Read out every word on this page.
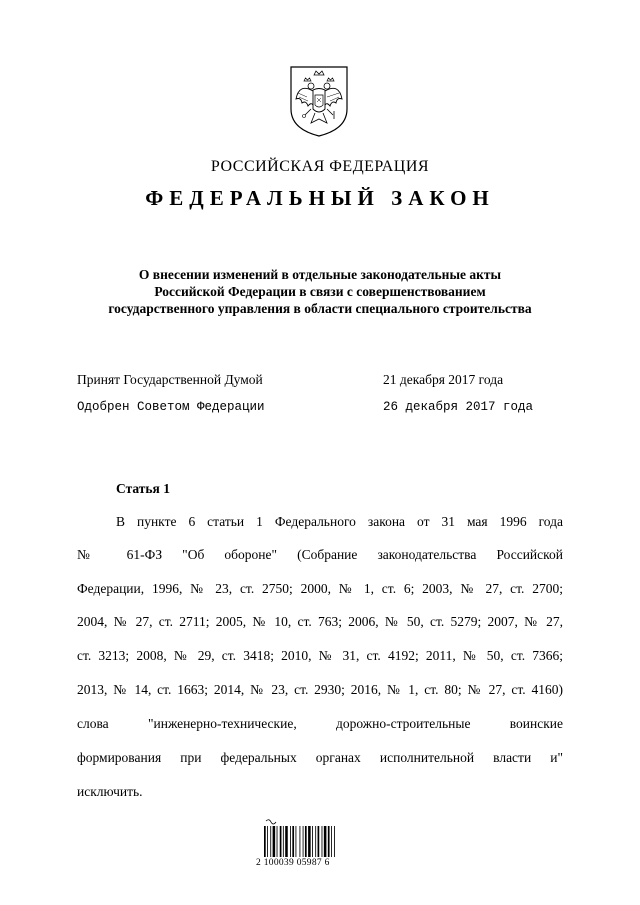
РОССИЙСКАЯ ФЕДЕРАЦИЯ
ФЕДЕРАЛЬНЫЙ ЗАКОН
О внесении изменений в отдельные законодательные акты
Российской Федерации в связи с совершенствованием
государственного управления в области специального строительства
Принят Государственной Думой	21 декабря 2017 года
Одобрен Советом Федерации	26 декабря 2017 года
Статья 1
В пункте 6 статьи 1 Федерального закона от 31 мая 1996 года
№ 61-ФЗ "Об обороне" (Собрание законодательства Российской
Федерации, 1996, № 23, ст. 2750; 2000, № 1, ст. 6; 2003, № 27, ст. 2700;
2004, № 27, ст. 2711; 2005, № 10, ст. 763; 2006, № 50, ст. 5279; 2007, № 27,
ст. 3213; 2008, № 29, ст. 3418; 2010, № 31, ст. 4192; 2011, № 50, ст. 7366;
2013, № 14, ст. 1663; 2014, № 23, ст. 2930; 2016, № 1, ст. 80; № 27, ст. 4160)
слова "инженерно-технические, дорожно-строительные воинские
формирования при федеральных органах исполнительной власти и"
исключить.
2 100039 05987 6
